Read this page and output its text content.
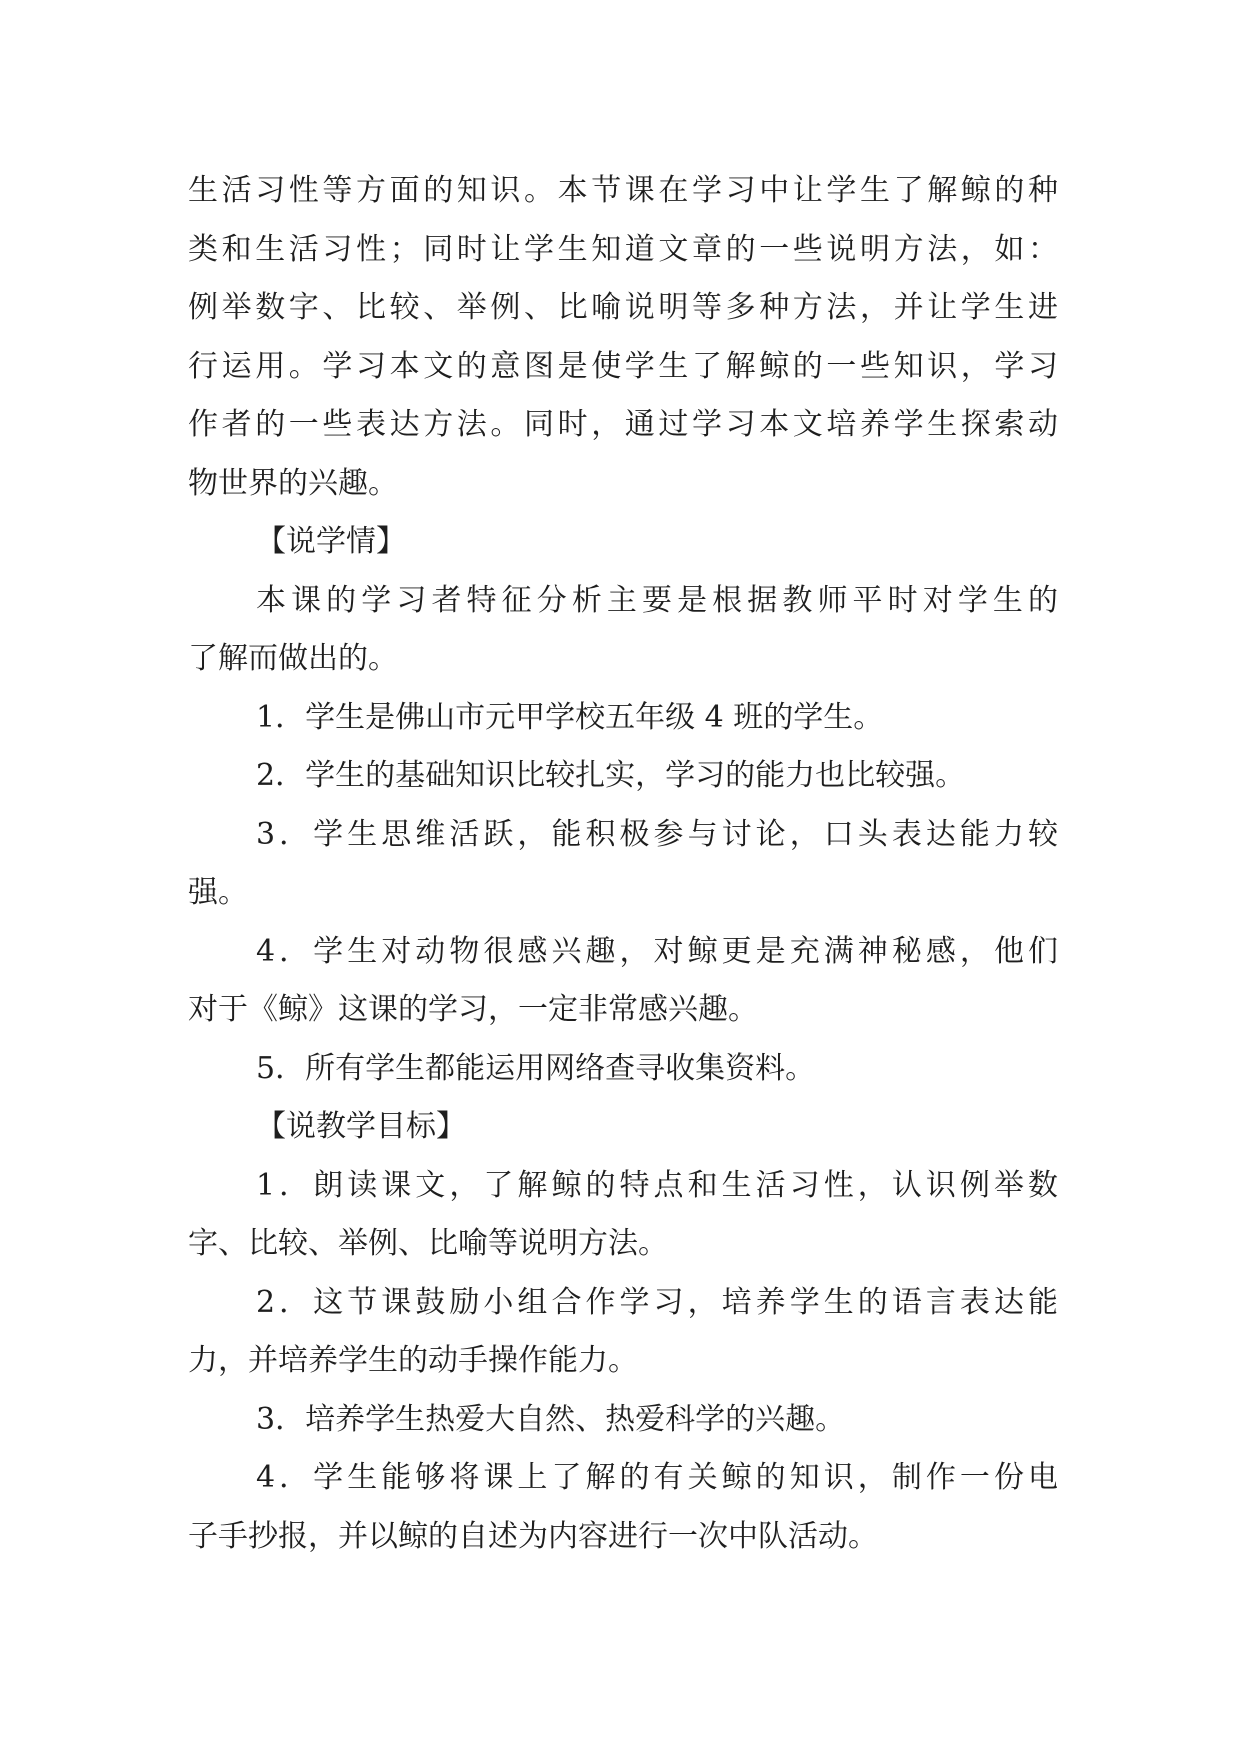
生活习性等方面的知识。本节课在学习中让学生了解鲸的种
类和生活习性；同时让学生知道文章的一些说明方法，如：
例举数字、比较、举例、比喻说明等多种方法，并让学生进
行运用。学习本文的意图是使学生了解鲸的一些知识，学习
作者的一些表达方法。同时，通过学习本文培养学生探索动
物世界的兴趣。
【说学情】
本课的学习者特征分析主要是根据教师平时对学生的
了解而做出的。
1．学生是佛山市元甲学校五年级 4 班的学生。
2．学生的基础知识比较扎实，学习的能力也比较强。
3．学生思维活跃，能积极参与讨论，口头表达能力较
强。
4．学生对动物很感兴趣，对鲸更是充满神秘感，他们
对于《鲸》这课的学习，一定非常感兴趣。
5．所有学生都能运用网络查寻收集资料。
【说教学目标】
1．朗读课文，了解鲸的特点和生活习性，认识例举数
字、比较、举例、比喻等说明方法。
2．这节课鼓励小组合作学习，培养学生的语言表达能
力，并培养学生的动手操作能力。
3．培养学生热爱大自然、热爱科学的兴趣。
4．学生能够将课上了解的有关鲸的知识，制作一份电
子手抄报，并以鲸的自述为内容进行一次中队活动。
